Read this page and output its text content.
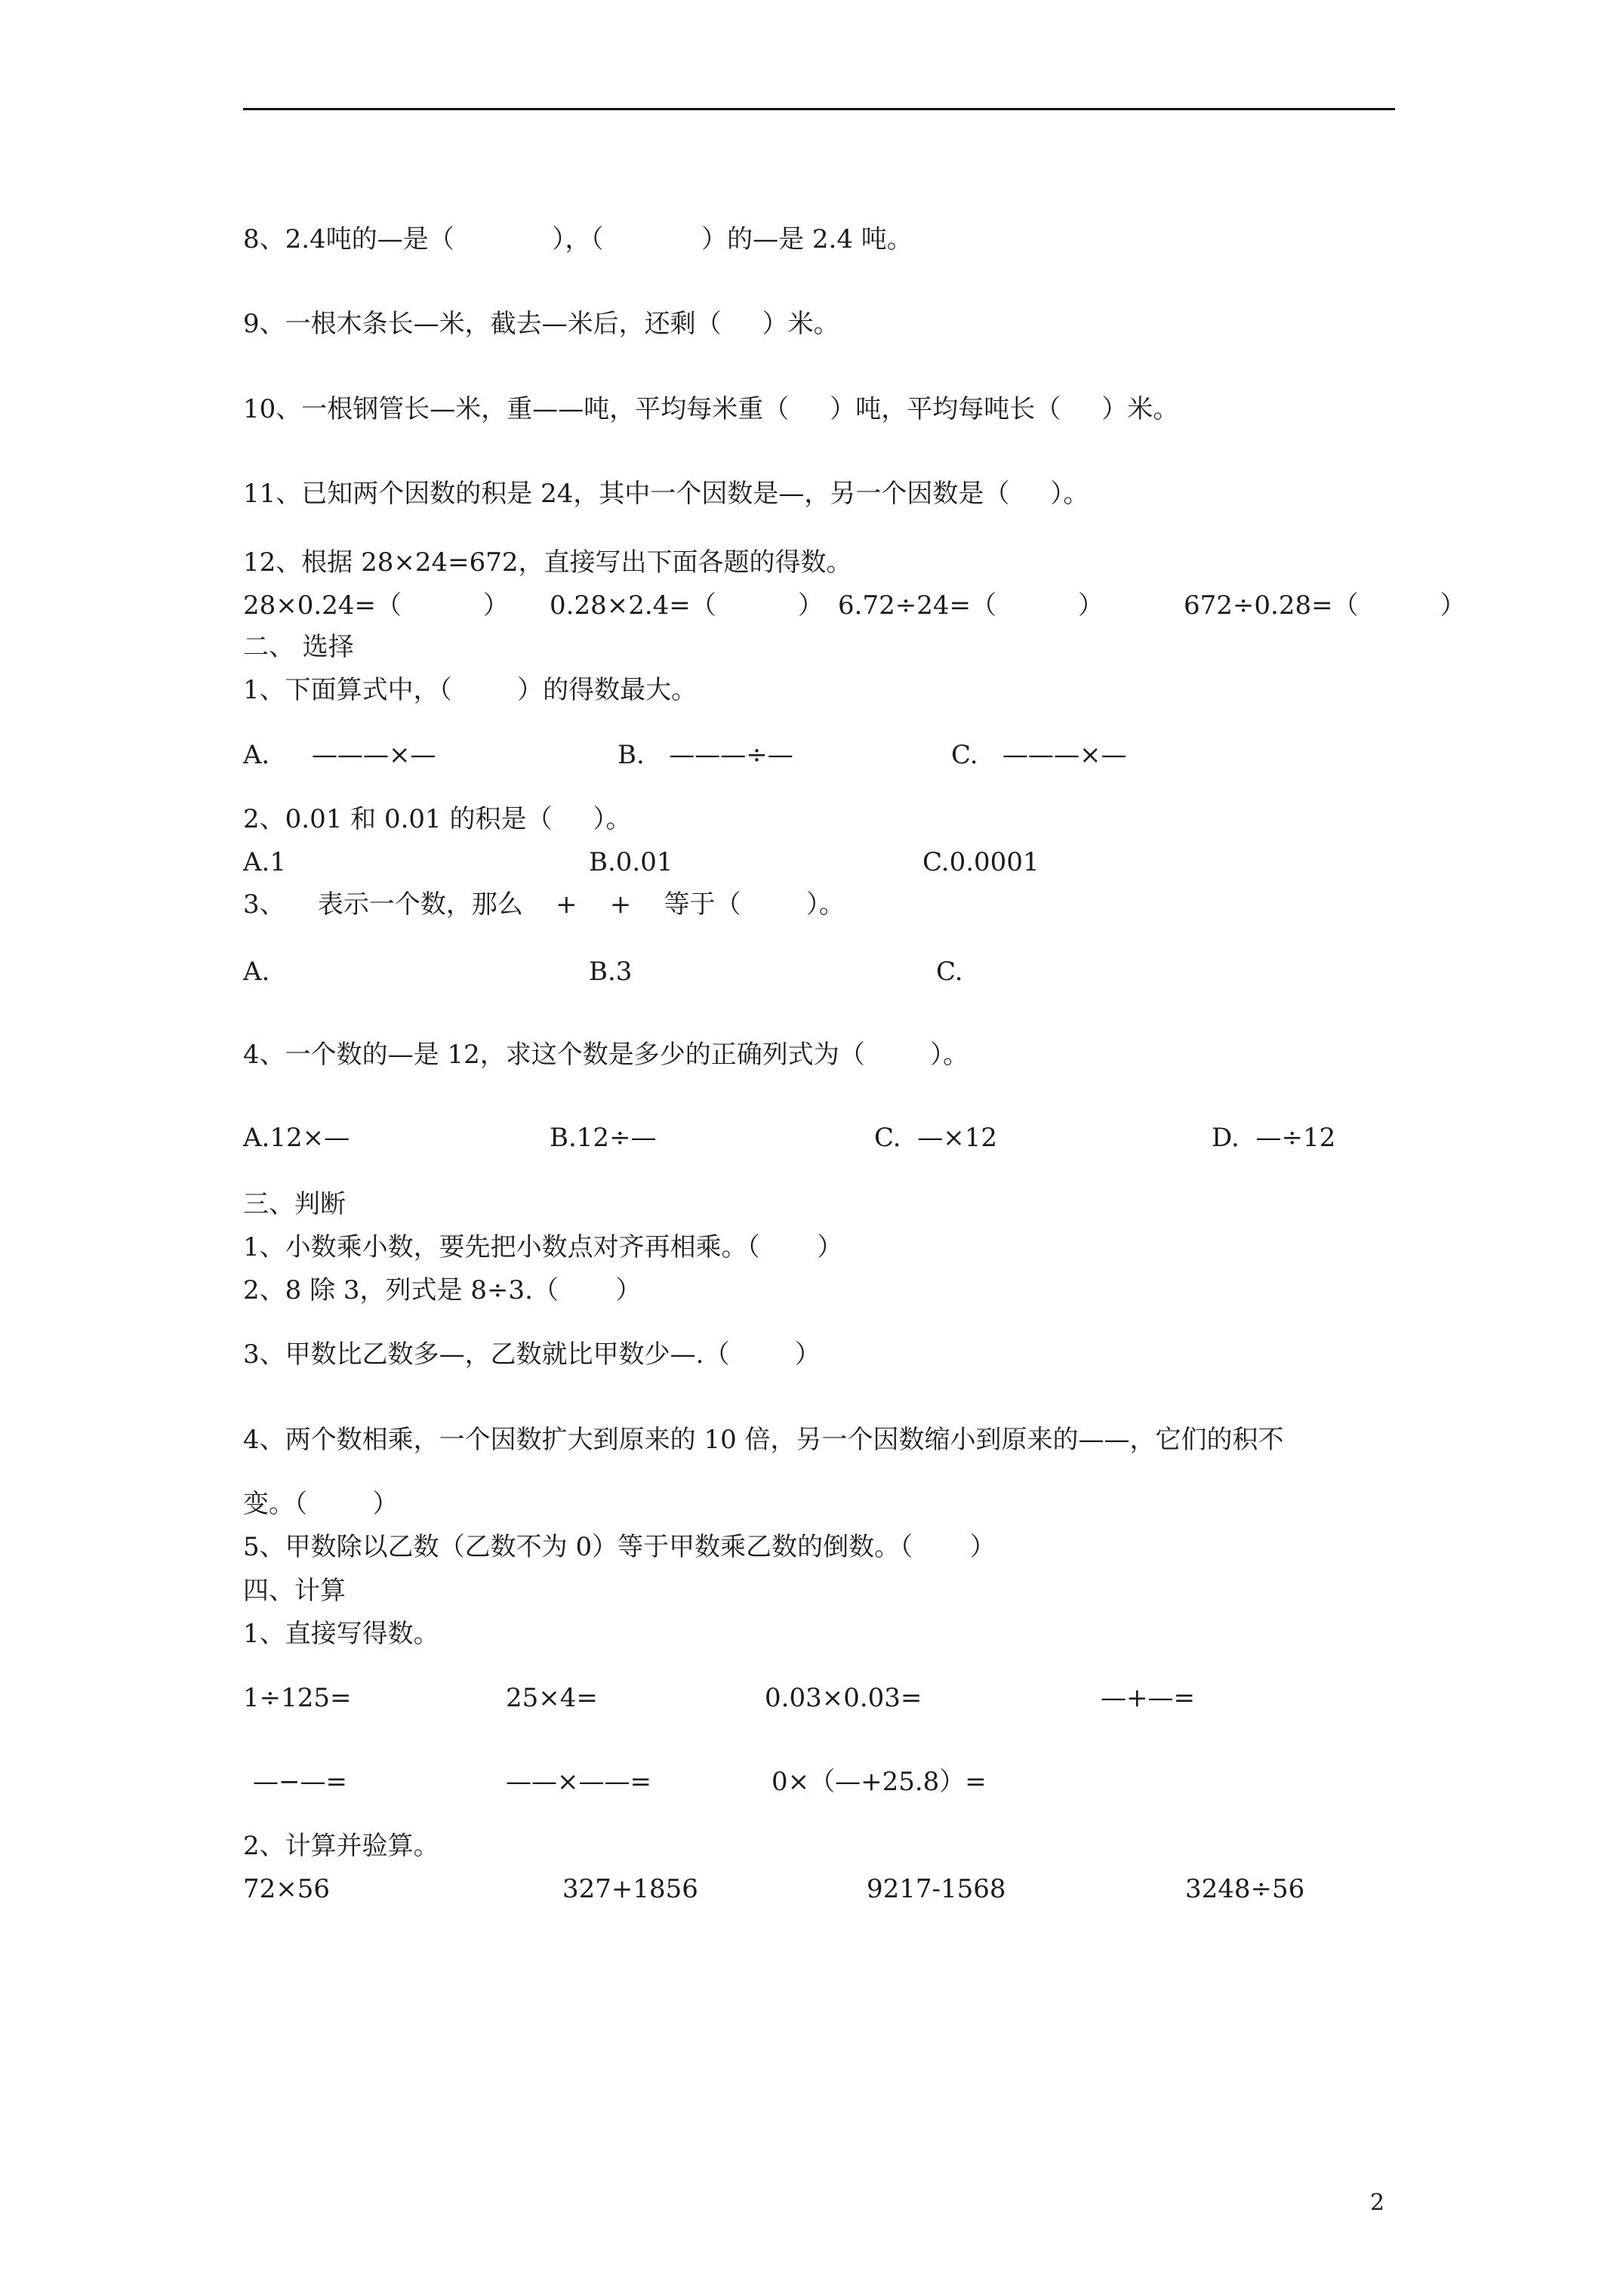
8、2.4吨的—是（            ），（            ）的—是 2.4 吨。
9、一根木条长—米，截去—米后，还剩（     ）米。
10、一根钢管长—米，重——吨，平均每米重（     ）吨，平均每吨长（     ）米。
11、已知两个因数的积是 24，其中一个因数是—，另一个因数是（     ）。
12、根据 28×24=672，直接写出下面各题的得数。
28×0.24=（          ） 0.28×2.4=（          ） 6.72÷24=（          ）	672÷0.28=（          ）
二、 选择
1、下面算式中，（        ）的得数最大。
A．   ———×—	B.   ———÷—	C.   ———×—
2、0.01 和 0.01 的积是（     ）。
A.1	B.0.01	C.0.0001
3、    表示一个数，那么    +    +    等于（        ）。
A.	B.3	C.
4、一个数的—是 12，求这个数是多少的正确列式为（        ）。
A.12×—	B.12÷—	C.  —×12	D.  —÷12
三、判断
1、小数乘小数，要先把小数点对齐再相乘。（       ）
2、8 除 3，列式是 8÷3.（       ）
3、甲数比乙数多—，乙数就比甲数少—.（        ）
4、两个数相乘，一个因数扩大到原来的 10 倍，另一个因数缩小到原来的——，它们的积不
变。（        ）
5、甲数除以乙数（乙数不为 0）等于甲数乘乙数的倒数。（       ）
四、计算
1、直接写得数。
1÷125=	25×4=	0.03×0.03=	—+—=
—−—=	——×——=	0×（—+25.8）=
2、计算并验算。
72×56	327+1856	9217-1568	3248÷56
2
